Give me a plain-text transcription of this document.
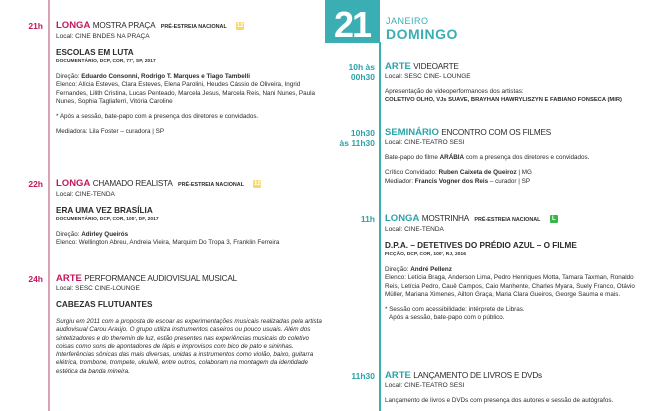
21h LONGA MOSTRA PRAÇA PRÉ-ESTREIA NACIONAL 12
Local: CINE BNDES NA PRAÇA
ESCOLAS EM LUTA
DOCUMENTÁRIO, DCP, COR, 77', SP, 2017
Direção: Eduardo Consonni, Rodrigo T. Marques e Tiago Tambelli
Elenco: Alícia Esteves, Clara Esteves, Elena Parolini, Heudes Cássio de Oliveira, Ingrid Fernandes, Lilith Cristina, Lucas Penteado, Marcela Jesus, Marcela Reis, Nani Nunes, Paula Nunes, Sophia Tagliaferri, Vitória Caroline
* Após a sessão, bate-papo com a presença dos diretores e convidados.
Mediadora: Lila Foster – curadora | SP
22h LONGA CHAMADO REALISTA PRÉ-ESTREIA NACIONAL 12
Local: CINE-TENDA
ERA UMA VEZ BRASÍLIA
DOCUMENTÁRIO, DCP, COR, 100', DF, 2017
Direção: Adirley Queirós
Elenco: Wellington Abreu, Andreia Vieira, Marquim Do Tropa 3, Franklin Ferreira
24h ARTE PERFORMANCE AUDIOVISUAL MUSICAL
Local: SESC CINE-LOUNGE
CABEZAS FLUTUANTES
Surgiu em 2011 com a proposta de escoar as experimentações musicais realizadas pela artista audiovisual Carou Araújo. O grupo utiliza instrumentos caseiros ou pouco usuais. Além dos sintetizadores e do theremin de luz, estão presentes nas experiências musicais do coletivo coisas como sons de apontadores de lápis e improvisos com bico de pato e sininhas. Interferências sônicas das mais diversas, unidas a instrumentos como violão, baixo, guitarra elétrica, trombone, trompete, ukulelê, entre outros, colaboram na montagem da identidade estética da banda mineira.
21 JANEIRO
DOMINGO
10h às
00h30
ARTE VIDEOARTE
Local: SESC CINE- LOUNGE
Apresentação de videoperformances dos artistas:
COLETIVO OLHO, VJs SUAVE, BRAYHAN HAWRYLISZYN E FABIANO FONSECA (MIR)
10h30
às 11h30
SEMINÁRIO ENCONTRO COM OS FILMES
Local: CINE-TEATRO SESI
Bate-papo do filme ARÁBIA com a presença dos diretores e convidados.
Crítico Convidado: Ruben Caixeta de Queiroz | MG
Mediador: Francis Vogner dos Reis – curador | SP
11h LONGA MOSTRINHA PRÉ-ESTREIA NACIONAL L
Local: CINE-TENDA
D.P.A. – DETETIVES DO PRÉDIO AZUL – O FILME
FICÇÃO, DCP, COR, 100', RJ, 2016
Direção: André Pellenz
Elenco: Letícia Braga, Anderson Lima, Pedro Henriques Motta, Tamara Taxman, Ronaldo Reis, Letícia Pedro, Cauê Campos, Caio Manhente, Charles Myara, Suely Franco, Otávio Müller, Mariana Ximenes, Ailton Graça, Maria Clara Gueiros, George Sauma e mais.
* Sessão com acessibilidade: intérprete de Libras.
Após a sessão, bate-papo com o público.
11h30 ARTE LANÇAMENTO DE LIVROS E DVDs
Local: CINE-TEATRO SESI
Lançamento de livros e DVDs com presença dos autores e sessão de autógrafos.
